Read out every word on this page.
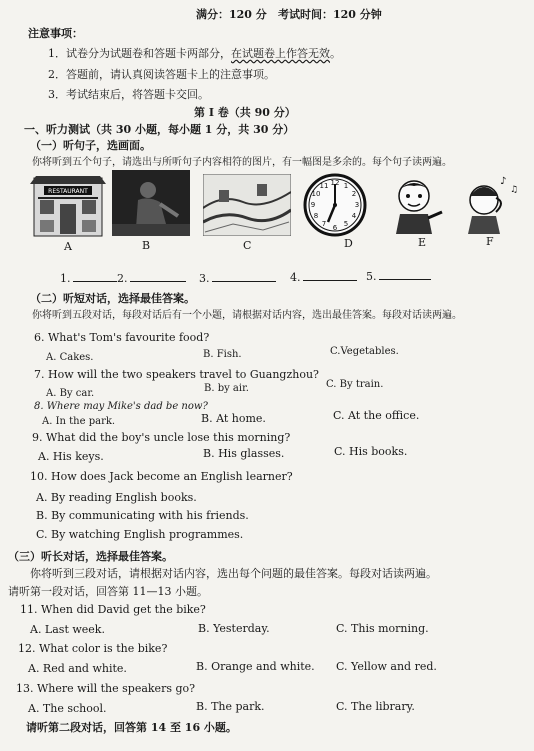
满分：120 分 考试时间：120 分钟
注意事项：
1．试卷分为试题卷和答题卡两部分，在试题卷上作答无效。
2．答题前，请认真阅读答题卡上的注意事项。
3．考试结束后，将答题卡交回。
第 I 卷（共 90 分）
一、听力测试（共 30 小题，每小题 1 分，共 30 分）
（一）听句子，选画面。
你将听到五个句子，请选出与所听句子内容相符的图片，有一幅图是多余的。每个句子读两遍。
RESTAURANT
A	B	C
12 1
2
3
4
5
6
7
8
9
10
11
D	E
♪
♫
F
1.	2.	3.	4.	5.
（二）听短对话，选择最佳答案。
你将听到五段对话，每段对话后有一个小题，请根据对话内容，选出最佳答案。每段对话读两遍。
6. What's Tom's favourite food?
A. Cakes.	B. Fish.	C.Vegetables.
7. How will the two speakers travel to Guangzhou?
A. By car.	B. by air.	C. By train.
8. Where may Mike's dad be now?
A. In the park.	B. At home.	C. At the office.
9. What did the boy's uncle lose this morning?
A. His keys.	B. His glasses.	C. His books.
10. How does Jack become an English learner?
A. By reading English books.
B. By communicating with his friends.
C. By watching English programmes.
（三）听长对话，选择最佳答案。
你将听到三段对话，请根据对话内容，选出每个问题的最佳答案。每段对话读两遍。
请听第一段对话，回答第 11—13 小题。
11. When did David get the bike?
A. Last week.	B. Yesterday.	C. This morning.
12. What color is the bike?
A. Red and white.	B. Orange and white. C. Yellow and red.
13. Where will the speakers go?
A. The school.	B. The park.	C. The library.
请听第二段对话，回答第 14 至 16 小题。
